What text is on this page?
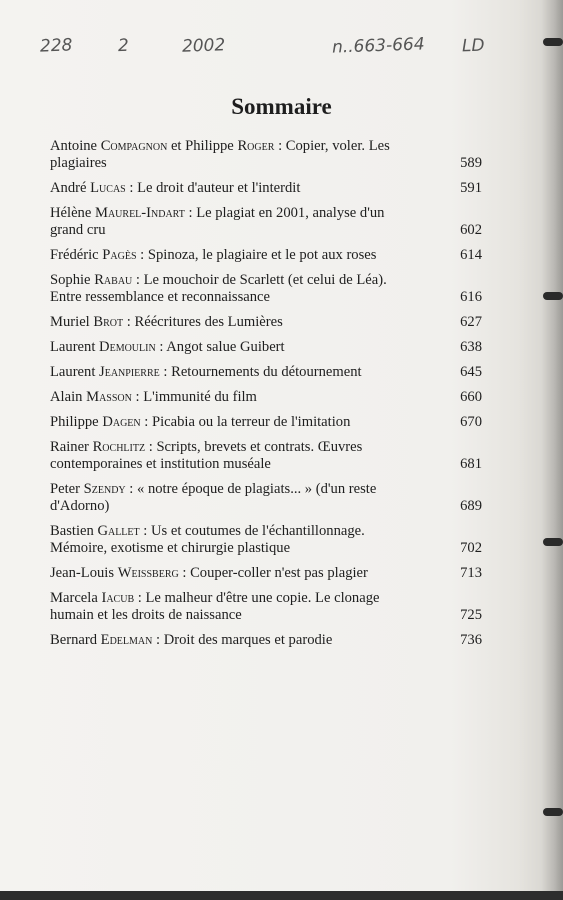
228	2	2002	n..663-664 LD
Sommaire
Antoine Compagnon et Philippe Roger : Copier, voler. Les
plagiaires	589
André Lucas : Le droit d'auteur et l'interdit	591
Hélène Maurel-Indart : Le plagiat en 2001, analyse d'un
grand cru	602
Frédéric Pagès : Spinoza, le plagiaire et le pot aux roses	614
Sophie Rabau : Le mouchoir de Scarlett (et celui de Léa).
Entre ressemblance et reconnaissance	616
Muriel Brot : Réécritures des Lumières	627
Laurent Demoulin : Angot salue Guibert	638
Laurent Jeanpierre : Retournements du détournement	645
Alain Masson : L'immunité du film	660
Philippe Dagen : Picabia ou la terreur de l'imitation	670
Rainer Rochlitz : Scripts, brevets et contrats. Œuvres
contemporaines et institution muséale	681
Peter Szendy : « notre époque de plagiats... » (d'un reste
d'Adorno)	689
Bastien Gallet : Us et coutumes de l'échantillonnage.
Mémoire, exotisme et chirurgie plastique	702
Jean-Louis Weissberg : Couper-coller n'est pas plagier	713
Marcela Iacub : Le malheur d'être une copie. Le clonage
humain et les droits de naissance	725
Bernard Edelman : Droit des marques et parodie	736
